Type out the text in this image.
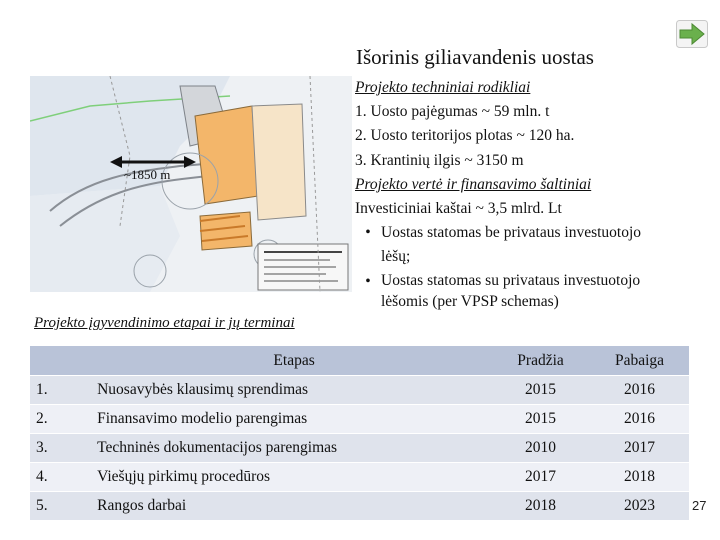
Išorinis giliavandenis uostas
~1850 m
Projekto techniniai rodikliai
1. Uosto pajėgumas ~ 59 mln. t
2. Uosto teritorijos plotas ~ 120 ha.
3. Krantinių ilgis ~ 3150 m
Projekto vertė ir finansavimo šaltiniai
Investiciniai kaštai ~ 3,5 mlrd. Lt
• Uostas statomas be privataus investuotojo
lėšų;
• Uostas statomas su privataus investuotojo
lėšomis (per VPSP schemas)
Projekto įgyvendinimo etapai ir jų terminai
	Etapas	Pradžia	Pabaiga
1.	Nuosavybės klausimų sprendimas	2015	2016
2.	Finansavimo modelio parengimas	2015	2016
3.	Techninės dokumentacijos parengimas	2010	2017
4.	Viešųjų pirkimų procedūros	2017	2018
5.	Rangos darbai	2018	2023	27
